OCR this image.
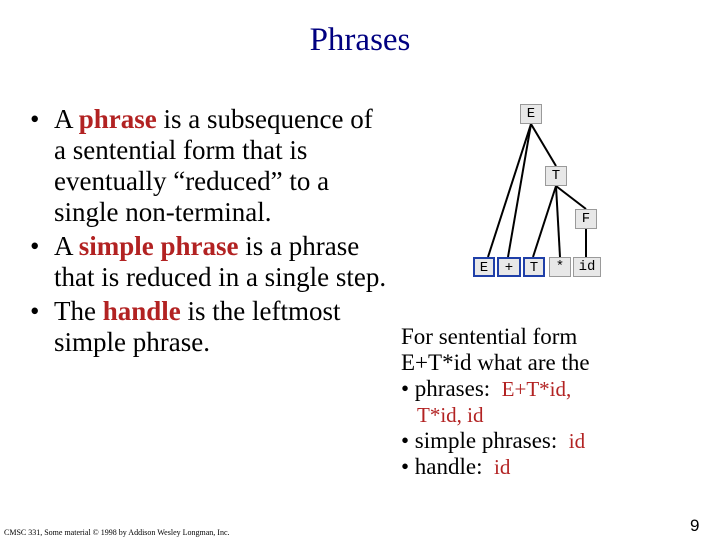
Phrases
• A phrase is a subsequence of a sentential form that is eventually “reduced” to a single non-terminal.
• A simple phrase is a phrase that is reduced in a single step.
• The handle is the leftmost simple phrase.
E
T
F
E	+	T	*	id
For sentential form
E+T*id what are the
• phrases: E+T*id,
T*id, id
• simple phrases: id
• handle: id
CMSC 331, Some material © 1998 by Addison Wesley Longman, Inc.	9
